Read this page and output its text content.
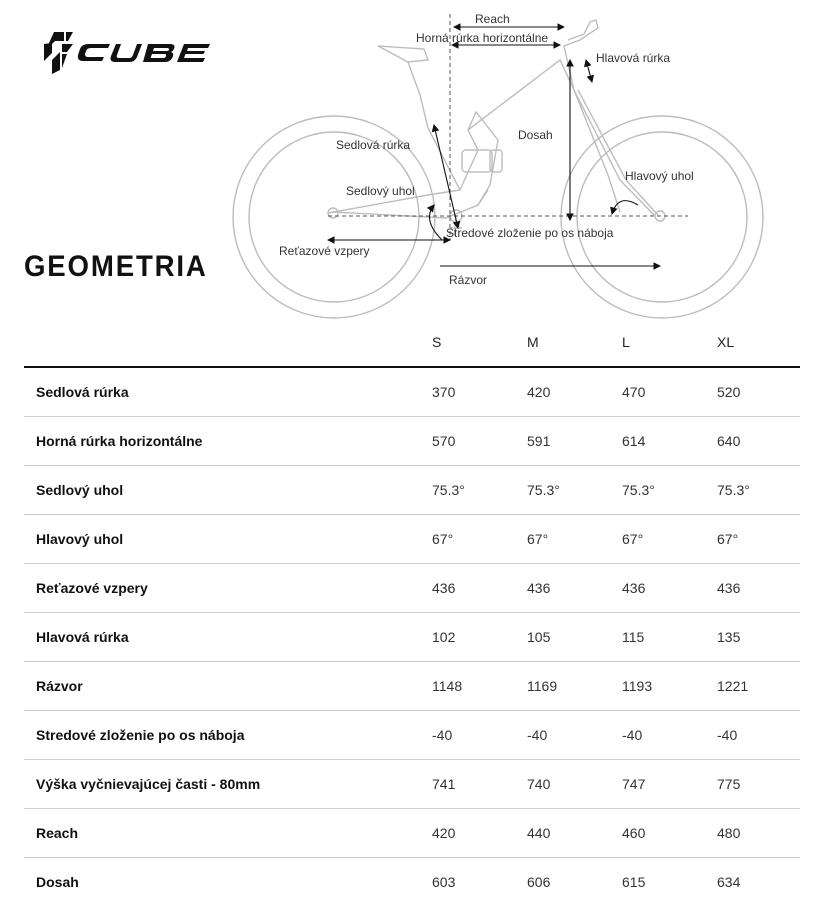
GEOMETRIA
Reach
Horná rúrka horizontálne
Hlavová rúrka
Dosah
Sedlová rúrka
Sedlový uhol
Hlavový uhol
Reťazové vzpery
Stredové zloženie po os náboja
Rázvor
	S	M	L	XL
Sedlová rúrka	370	420	470	520
Horná rúrka horizontálne	570	591	614	640
Sedlový uhol	75.3°	75.3°	75.3°	75.3°
Hlavový uhol	67°	67°	67°	67°
Reťazové vzpery	436	436	436	436
Hlavová rúrka	102	105	115	135
Rázvor	1148	1169	1193	1221
Stredové zloženie po os náboja	-40	-40	-40	-40
Výška vyčnievajúcej časti - 80mm	741	740	747	775
Reach	420	440	460	480
Dosah	603	606	615	634
